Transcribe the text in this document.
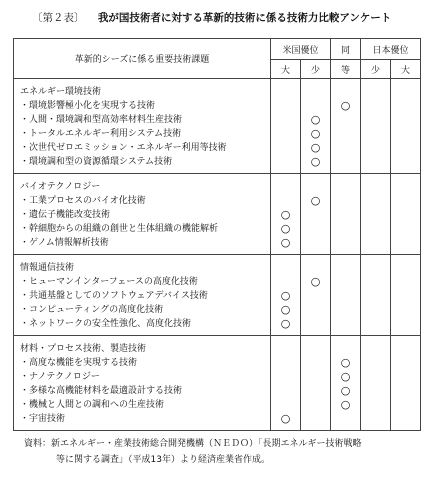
〔第２表〕 我が国技術者に対する革新的技術に係る技術力比較アンケート
革新的シーズに係る重要技術課題	米国優位		同	日本優位	
	大	少	等	少	大
エネルギー環境技術					
・環境影響極小化を実現する技術			○		
・人間・環境調和型高効率材料生産技術		○			
・トータルエネルギー利用システム技術		○			
・次世代ゼロエミッション・エネルギー利用等技術		○			
・環境調和型の資源循環システム技術		○			
バイオテクノロジー					
・工業プロセスのバイオ化技術		○			
・遺伝子機能改変技術	○				
・幹細胞からの組織の創世と生体組織の機能解析	○				
・ゲノム情報解析技術	○				
情報通信技術					
・ヒューマンインターフェースの高度化技術		○			
・共通基盤としてのソフトウェアデバイス技術	○				
・コンピューティングの高度化技術	○				
・ネットワークの安全性強化、高度化技術	○				
材料・プロセス技術、製造技術					
・高度な機能を実現する技術			○		
・ナノテクノロジー			○		
・多様な高機能材料を最適設計する技術			○		
・機械と人間との調和への生産技術			○		
・宇宙技術	○				
資料：新エネルギー・産業技術総合開発機構（ＮＥＤＯ）「長期エネルギー技術戦略
等に関する調査」（平成13年）より経済産業省作成。
